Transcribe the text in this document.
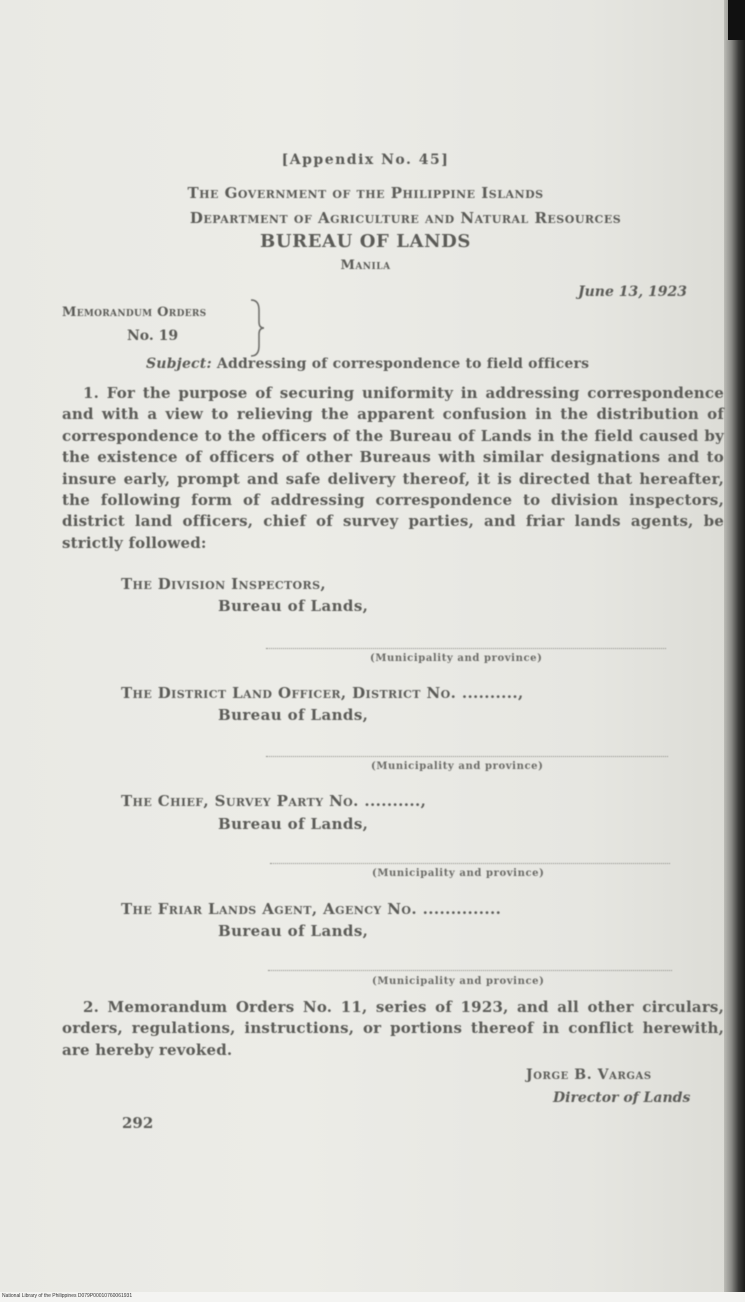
[Appendix No. 45]
The Government of the Philippine Islands
Department of Agriculture and Natural Resources
BUREAU OF LANDS
Manila
June 13, 1923
Memorandum Orders
No. 19
Subject: Addressing of correspondence to field officers
1. For the purpose of securing uniformity in addressing correspondence and with a view to relieving the apparent confusion in the distribution of correspondence to the officers of the Bureau of Lands in the field caused by the existence of officers of other Bureaus with similar designations and to insure early, prompt and safe delivery thereof, it is directed that hereafter, the following form of addressing correspondence to division inspectors, district land officers, chief of survey parties, and friar lands agents, be strictly followed:
The Division Inspectors,
Bureau of Lands,
(Municipality and province)
The District Land Officer, District No. ..........,
Bureau of Lands,
(Municipality and province)
The Chief, Survey Party No. ..........,
Bureau of Lands,
(Municipality and province)
The Friar Lands Agent, Agency No. ..............
Bureau of Lands,
(Municipality and province)
2. Memorandum Orders No. 11, series of 1923, and all other circulars, orders, regulations, instructions, or portions thereof in conflict herewith, are hereby revoked.
Jorge B. Vargas
Director of Lands
292
National Library of the Philippines D079P00010760061931
